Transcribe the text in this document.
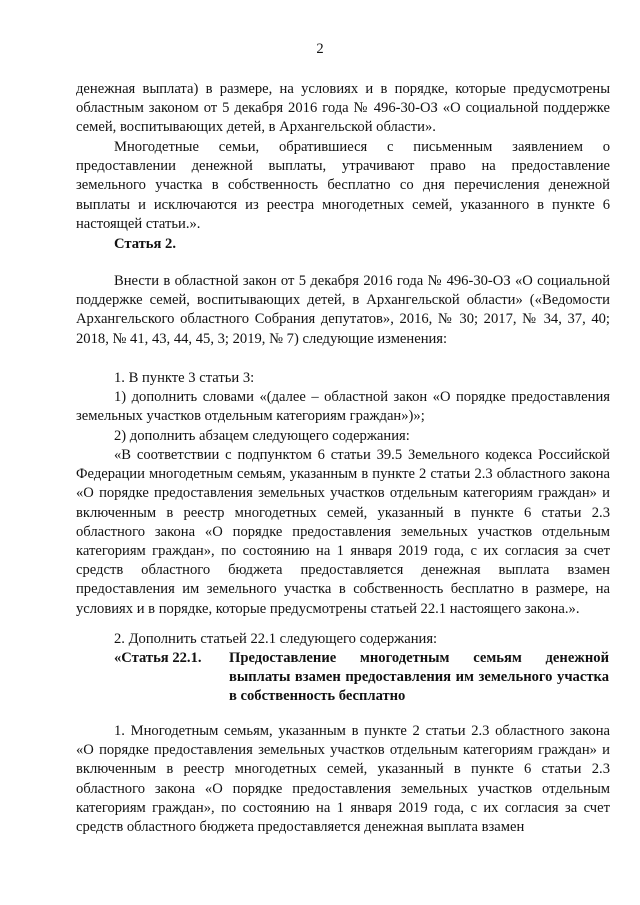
2

денежная выплата) в размере, на условиях и в порядке, которые предусмотрены областным законом от 5 декабря 2016 года № 496-30-ОЗ «О социальной поддержке семей, воспитывающих детей, в Архангельской области».

Многодетные семьи, обратившиеся с письменным заявлением о предоставлении денежной выплаты, утрачивают право на предоставление земельного участка в собственность бесплатно со дня перечисления денежной выплаты и исключаются из реестра многодетных семей, указанного в пункте 6 настоящей статьи.».

Статья 2.

Внести в областной закон от 5 декабря 2016 года № 496-30-ОЗ «О социальной поддержке семей, воспитывающих детей, в Архангельской области» («Ведомости Архангельского областного Собрания депутатов», 2016, № 30; 2017, № 34, 37, 40; 2018, № 41, 43, 44, 45, 3; 2019, № 7) следующие изменения:

1. В пункте 3 статьи 3:

1) дополнить словами «(далее – областной закон «О порядке предоставления земельных участков отдельным категориям граждан»)»;

2) дополнить абзацем следующего содержания:

«В соответствии с подпунктом 6 статьи 39.5 Земельного кодекса Российской Федерации многодетным семьям, указанным в пункте 2 статьи 2.3 областного закона «О порядке предоставления земельных участков отдельным категориям граждан» и включенным в реестр многодетных семей, указанный в пункте 6 статьи 2.3 областного закона «О порядке предоставления земельных участков отдельным категориям граждан», по состоянию на 1 января 2019 года, с их согласия за счет средств областного бюджета предоставляется денежная выплата взамен предоставления им земельного участка в собственность бесплатно в размере, на условиях и в порядке, которые предусмотрены статьей 22.1 настоящего закона.».

2. Дополнить статьей 22.1 следующего содержания:

«Статья 22.1.	Предоставление многодетным семьям денежной выплаты взамен предоставления им земельного участка в собственность бесплатно

1. Многодетным семьям, указанным в пункте 2 статьи 2.3 областного закона «О порядке предоставления земельных участков отдельным категориям граждан» и включенным в реестр многодетных семей, указанный в пункте 6 статьи 2.3 областного закона «О порядке предоставления земельных участков отдельным категориям граждан», по состоянию на 1 января 2019 года, с их согласия за счет средств областного бюджета предоставляется денежная выплата взамен
